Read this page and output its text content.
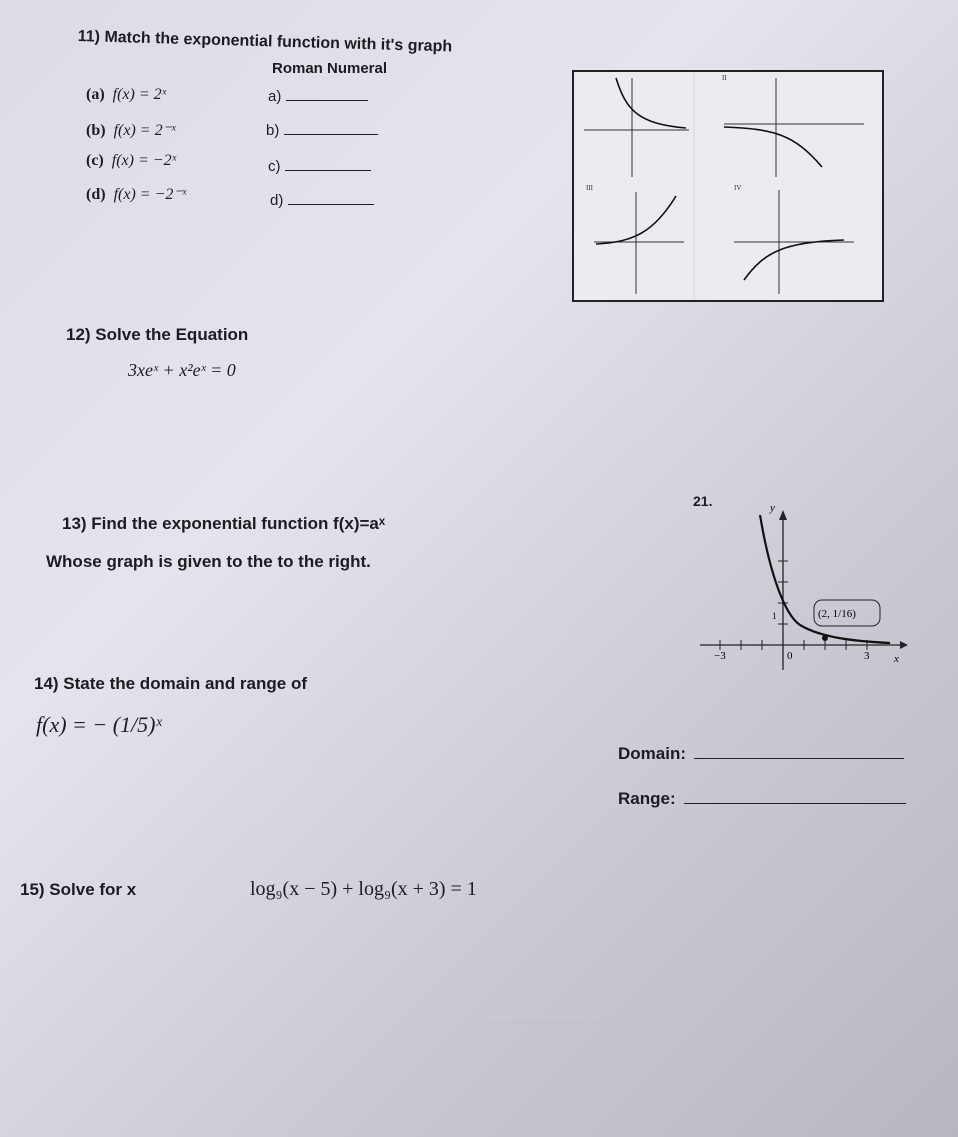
11) Match the exponential function with it's graph
Roman Numeral
(a) f(x) = 2ˣ
(b) f(x) = 2⁻ˣ
(c) f(x) = −2ˣ
(d) f(x) = −2⁻ˣ
a)
b)
c)
d)
III
II
IV
12) Solve the Equation
3xeˣ + x²eˣ = 0
13) Find the exponential function f(x)=aˣ
Whose graph is given to the to the right.
21.	y
x
−3	0	3
1	(2, 1/16)
14) State the domain and range of
f(x) = − (1/5)ˣ
Domain:
Range:
15) Solve for x	log₉(x − 5) + log₉(x + 3) = 1
